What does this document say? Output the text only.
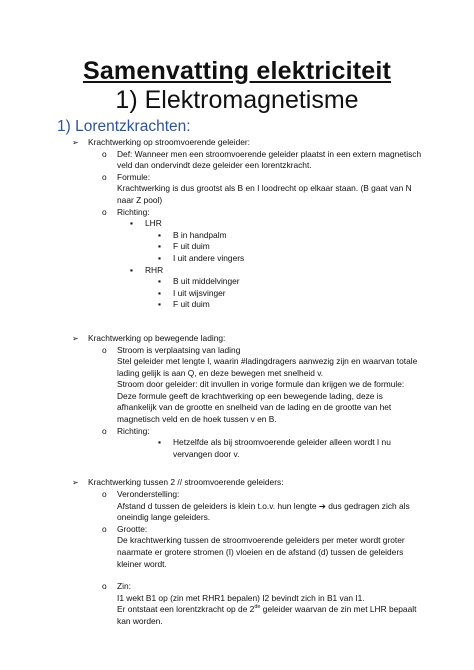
Samenvatting elektriciteit
1) Elektromagnetisme
1) Lorentzkrachten:
➢ Krachtwerking op stroomvoerende geleider:
o Def: Wanneer men een stroomvoerende geleider plaatst in een extern magnetisch veld dan ondervindt deze geleider een lorentzkracht.
o Formule:
Krachtwerking is dus grootst als B en I loodrecht op elkaar staan. (B gaat van N naar Z pool)
o Richting:
▪ LHR
▪ B in handpalm
▪ F uit duim
▪ I uit andere vingers
▪ RHR
▪ B uit middelvinger
▪ I uit wijsvinger
▪ F uit duim
➢ Krachtwerking op bewegende lading:
o Stroom is verplaatsing van lading
Stel geleider met lengte l, waarin #ladingdragers aanwezig zijn en waarvan totale lading gelijk is aan Q, en deze bewegen met snelheid v.
Stroom door geleider: dit invullen in vorige formule dan krijgen we de formule:
Deze formule geeft de krachtwerking op een bewegende lading, deze is afhankelijk van de grootte en snelheid van de lading en de grootte van het magnetisch veld en de hoek tussen v en B.
o Richting:
▪ Hetzelfde als bij stroomvoerende geleider alleen wordt I nu vervangen door v.
➢ Krachtwerking tussen 2 // stroomvoerende geleiders:
o Veronderstelling:
Afstand d tussen de geleiders is klein t.o.v. hun lengte ➔ dus gedragen zich als oneindig lange geleiders.
o Grootte:
De krachtwerking tussen de stroomvoerende geleiders per meter wordt groter naarmate er grotere stromen (I) vloeien en de afstand (d) tussen de geleiders kleiner wordt.
o Zin:
I1 wekt B1 op (zin met RHR1 bepalen) I2 bevindt zich in B1 van I1.
Er ontstaat een lorentzkracht op de 2de geleider waarvan de zin met LHR bepaalt kan worden.
